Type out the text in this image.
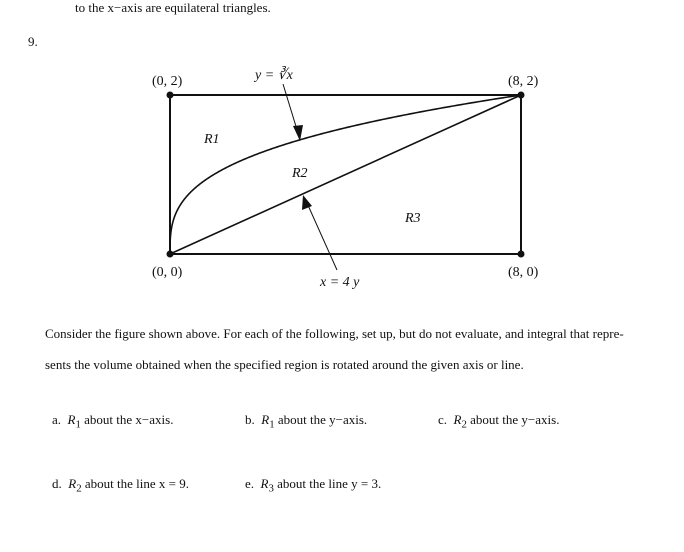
to the x−axis are equilateral triangles.
9.
(0, 2)	(8, 2)
(0, 0)	(8, 0)
y = ∛x
x = 4 y
R1
R2
R3
Consider the figure shown above. For each of the following, set up, but do not evaluate, and integral that repre-
sents the volume obtained when the specified region is rotated around the given axis or line.
a. $R_1$ about the x−axis.	b. $R_1$ about the y−axis.	c. $R_2$ about the y−axis.
d. $R_2$ about the line x = 9.	e. $R_3$ about the line y = 3.
